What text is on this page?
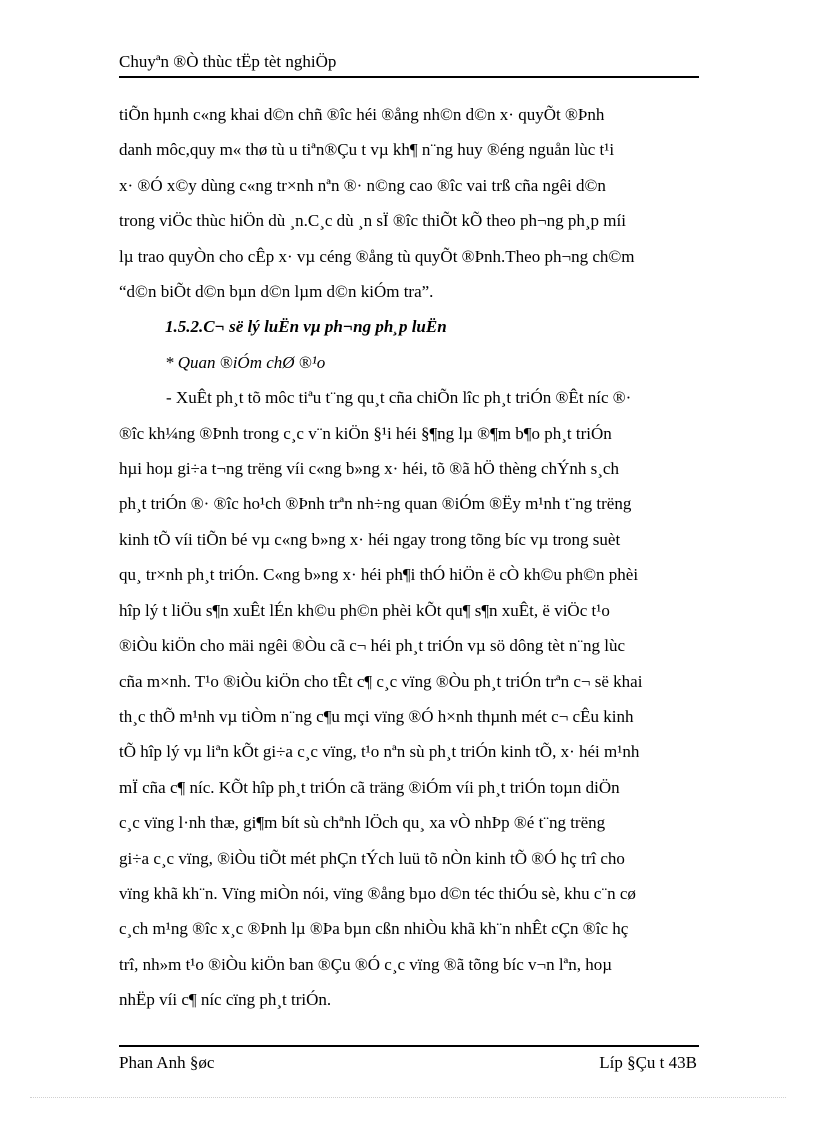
Chuyªn ®Ò thùc tËp tèt nghiÖp
tiÕn hµnh c«ng khai d©n chñ ®îc héi ®ång nh©n d©n x· quyÕt ®Þnh
danh môc,quy m« thø tù u tiªn®Çu t vµ kh¶ n¨ng huy ®éng nguån lùc t¹i
x· ®Ó x©y dùng c«ng tr×nh nªn ®· n©ng cao ®îc vai trß cña ngêi d©n
trong viÖc thùc hiÖn dù ¸n.C¸c dù ¸n sÏ ®îc thiÕt kÕ theo ph¬ng ph¸p míi
lµ trao quyÒn cho cÊp x· vµ céng ®ång tù quyÕt ®Þnh.Theo ph¬ng ch©m
“d©n biÕt d©n bµn d©n lµm d©n kiÓm tra”.
1.5.2.C¬ së lý luËn vµ ph¬ng ph¸p luËn
* Quan ®iÓm chØ ®¹o
- XuÊt ph¸t tõ môc tiªu t¨ng qu¸t cña chiÕn lîc ph¸t triÓn ®Êt níc ®·
®îc kh¼ng ®Þnh trong c¸c v¨n kiÖn §¹i héi §¶ng lµ ®¶m b¶o ph¸t triÓn
hµi hoµ gi÷a t¬ng trëng víi c«ng b»ng x· héi, tõ ®ã hÖ thèng chÝnh s¸ch
ph¸t triÓn ®· ®îc ho¹ch ®Þnh trªn nh÷ng quan ®iÓm ®Ëy m¹nh t¨ng trëng
kinh tÕ víi tiÕn bé vµ c«ng b»ng x· héi ngay trong tõng bíc vµ trong suèt
qu¸ tr×nh ph¸t triÓn. C«ng b»ng x· héi ph¶i thÓ hiÖn ë cÒ kh©u ph©n phèi
hîp lý t liÖu s¶n xuÊt lÉn kh©u ph©n phèi kÕt qu¶ s¶n xuÊt, ë viÖc t¹o
®iÒu kiÖn cho mäi ngêi ®Òu cã c¬ héi ph¸t triÓn vµ sö dông tèt n¨ng lùc
cña m×nh. T¹o ®iÒu kiÖn cho tÊt c¶ c¸c vïng ®Òu ph¸t triÓn trªn c¬ së khai
th¸c thÕ m¹nh vµ tiÒm n¨ng c¶u mçi vïng ®Ó h×nh thµnh mét c¬ cÊu kinh
tÕ hîp lý vµ liªn kÕt gi÷a c¸c vïng, t¹o nªn sù ph¸t triÓn kinh tÕ, x· héi m¹nh
mÏ cña c¶ níc. KÕt hîp ph¸t triÓn cã träng ®iÓm víi ph¸t triÓn toµn diÖn
c¸c vïng l·nh thæ, gi¶m bít sù chªnh lÖch qu¸ xa vÒ nhÞp ®é t¨ng trëng
gi÷a c¸c vïng, ®iÒu tiÕt mét phÇn tÝch luü tõ nÒn kinh tÕ ®Ó hç trî cho
vïng khã kh¨n. Vïng miÒn nói, vïng ®ång bµo d©n téc thiÓu sè, khu c¨n cø
c¸ch m¹ng ®îc x¸c ®Þnh lµ ®Þa bµn cßn nhiÒu khã kh¨n nhÊt cÇn ®îc hç
trî, nh»m t¹o ®iÒu kiÖn ban ®Çu ®Ó c¸c vïng ®ã tõng bíc v¬n lªn, hoµ
nhËp víi c¶ níc cïng ph¸t triÓn.
Phan Anh §øc	Líp §Çu t 43B
